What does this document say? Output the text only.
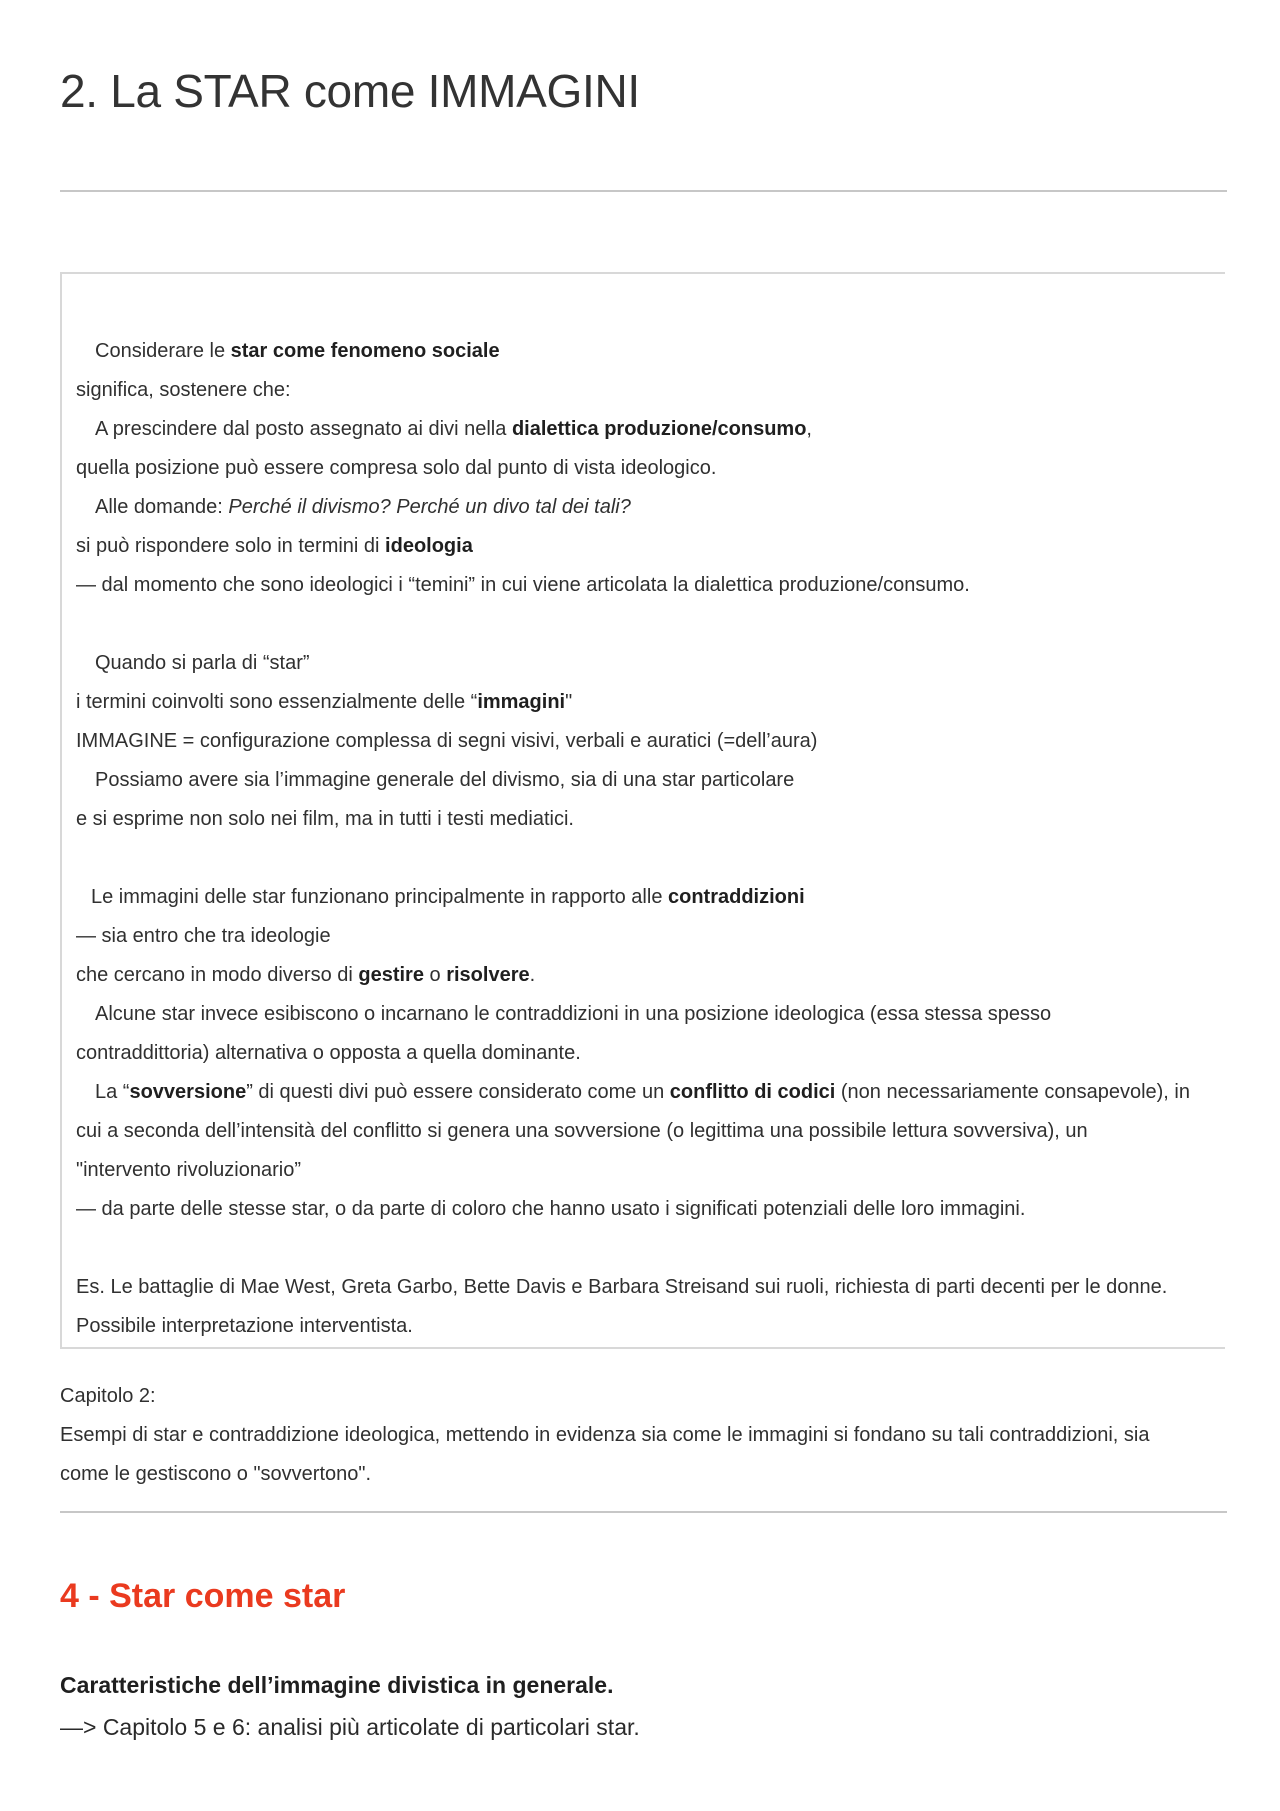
2. La STAR come IMMAGINI
Considerare le star come fenomeno sociale
significa, sostenere che:
A prescindere dal posto assegnato ai divi nella dialettica produzione/consumo,
quella posizione può essere compresa solo dal punto di vista ideologico.
Alle domande: Perché il divismo? Perché un divo tal dei tali?
si può rispondere solo in termini di ideologia
— dal momento che sono ideologici i “temini” in cui viene articolata la dialettica produzione/consumo.
Quando si parla di “star”
i termini coinvolti sono essenzialmente delle “immagini"
IMMAGINE = configurazione complessa di segni visivi, verbali e auratici (=dell’aura)
Possiamo avere sia l’immagine generale del divismo, sia di una star particolare
e si esprime non solo nei film, ma in tutti i testi mediatici.
Le immagini delle star funzionano principalmente in rapporto alle contraddizioni
— sia entro che tra ideologie
che cercano in modo diverso di gestire o risolvere.
Alcune star invece esibiscono o incarnano le contraddizioni in una posizione ideologica (essa stessa spesso
contraddittoria) alternativa o opposta a quella dominante.
La “sovversione” di questi divi può essere considerato come un conflitto di codici (non necessariamente consapevole), in
cui a seconda dell’intensità del conflitto si genera una sovversione (o legittima una possibile lettura sovversiva), un
"intervento rivoluzionario”
— da parte delle stesse star, o da parte di coloro che hanno usato i significati potenziali delle loro immagini.
Es. Le battaglie di Mae West, Greta Garbo, Bette Davis e Barbara Streisand sui ruoli, richiesta di parti decenti per le donne.
Possibile interpretazione interventista.
Capitolo 2:
Esempi di star e contraddizione ideologica, mettendo in evidenza sia come le immagini si fondano su tali contraddizioni, sia
come le gestiscono o "sovvertono".
4 - Star come star
Caratteristiche dell’immagine divistica in generale.
—> Capitolo 5 e 6: analisi più articolate di particolari star.
